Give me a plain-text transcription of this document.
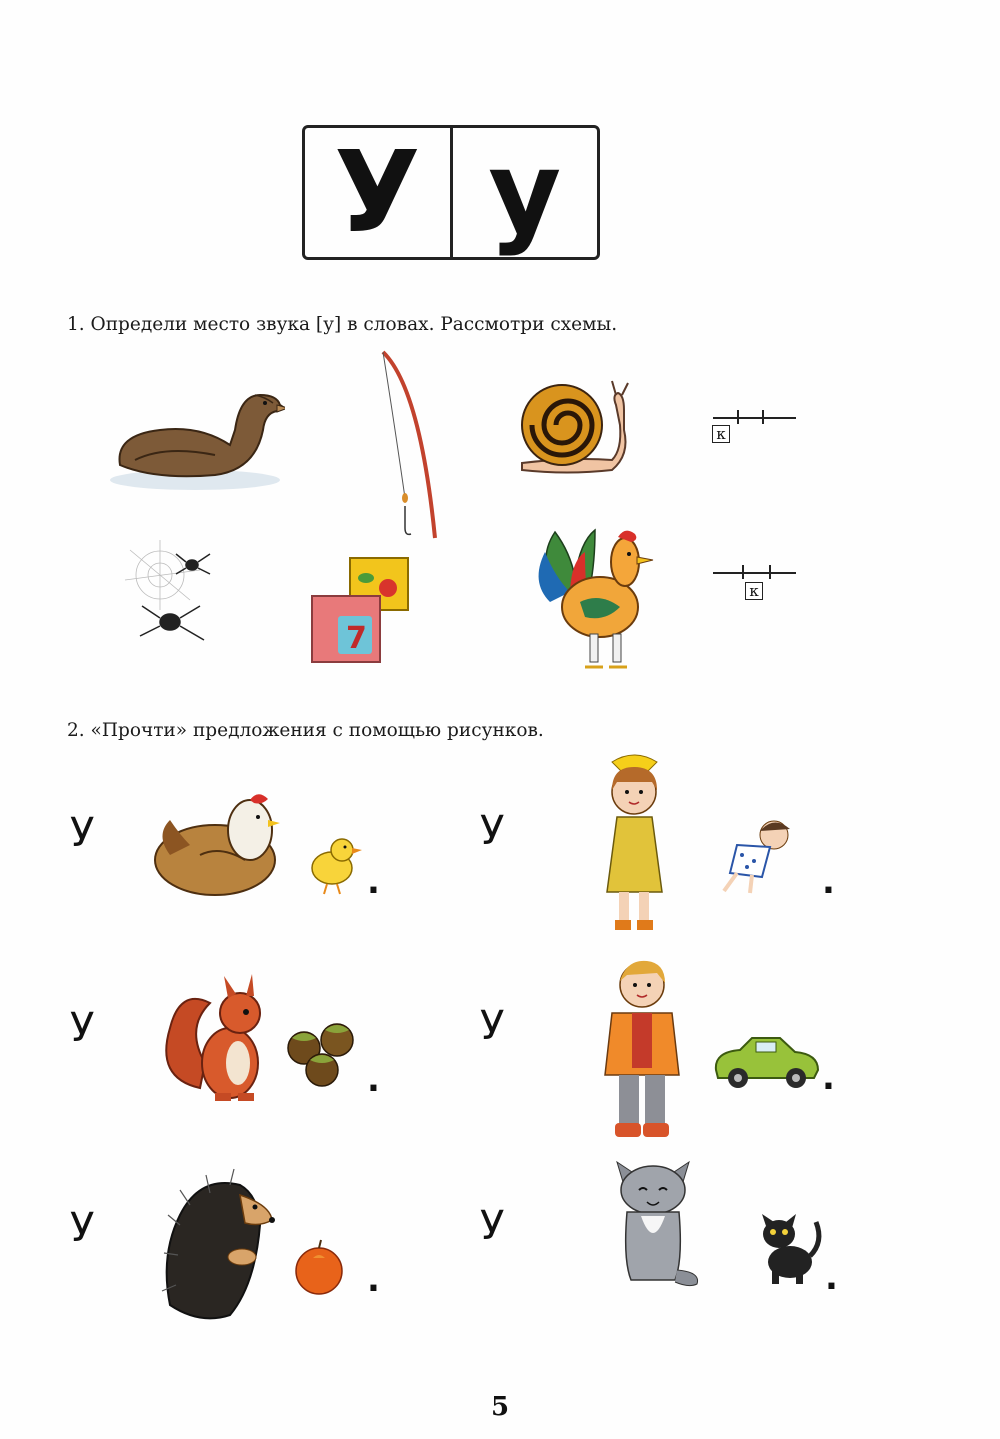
У у
1. Определи место звука [у] в словах. Рассмотри схемы.
к
7
к
2. «Прочти» предложения с помощью рисунков.
У
.
У
.
У
.
У
.
У
.
У
.
5
